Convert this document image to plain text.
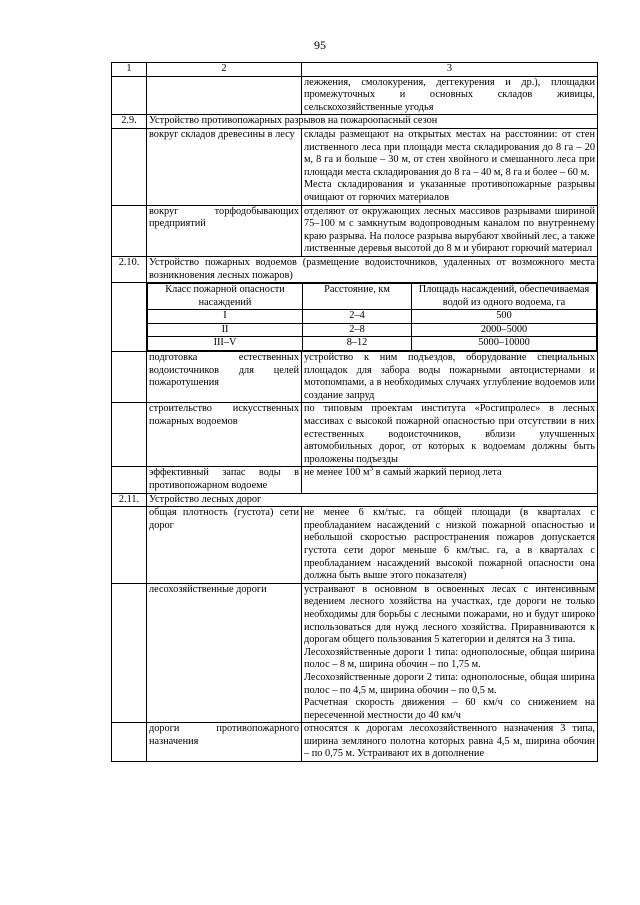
95
1	2	3
		лежжения, смолокурения, деггекурения и др.), площадки промежуточных и основных складов живицы, сельскохозяйственные угодья
2.9.	Устройство противопожарных разрывов на пожароопасный сезон
	вокруг складов древесины в лесу	склады размещают на открытых местах на расстоянии: от стен лиственного леса при площади места складирования до 8 га – 20 м, 8 га и больше – 30 м, от стен хвойного и смешанного леса при площади места складирования до 8 га – 40 м, 8 га и более – 60 м.
Места складирования и указанные противопожарные разрывы очищают от горючих материалов

	вокруг торфодобывающих предприятий	отделяют от окружающих лесных массивов разрывами шириной 75–100 м с замкнутым водопроводным каналом по внутреннему краю разрыва. На полосе разрыва вырубают хвойный лес, а также лиственные деревья высотой до 8 м и убирают горючий материал
2.10.	Устройство пожарных водоемов (размещение водоисточников, удаленных от возможного места возникновения лесных пожаров)

Класс пожарной опасности насаждений	Расстояние, км	Площадь насаждений, обеспечиваемая водой из одного водоема, га
I	2–4	500
II	2–8	2000–5000
III–V	8–12	5000–10000

	подготовка естественных водоисточников для целей пожаротушения	устройство к ним подъездов, оборудование специальных площадок для забора воды пожарными автоцистернами и мотопомпами, а в необходимых случаях углубление водоемов или создание запруд
	строительство искусственных пожарных водоемов	по типовым проектам института «Росгипролес» в лесных массивах с высокой пожарной опасностью при отсутствии в них естественных водоисточников, вблизи улучшенных автомобильных дорог, от которых к водоемам должны быть проложены подъезды
	эффективный запас воды в противопожарном водоеме	не менее 100 $м^3$ в самый жаркий период лета
2.11.	Устройство лесных дорог
	общая плотность (густота) сети дорог	не менее 6 км/тыс. га общей площади (в кварталах с преобладанием насаждений с низкой пожарной опасностью и небольшой скоростью распространения пожаров допускается густота сети дорог меньше 6 км/тыс. га, а в кварталах с преобладанием насаждений высокой пожарной опасности она должна быть выше этого показателя)
	лесохозяйственные дороги	устраивают в основном в освоенных лесах с интенсивным ведением лесного хозяйства на участках, где дороги не только необходимы для борьбы с лесными пожарами, но и будут широко использоваться для нужд лесного хозяйства. Приравниваются к дорогам общего пользования 5 категории и делятся на 3 типа.
Лесохозяйственные дороги 1 типа: однополосные, общая ширина полос – 8 м, ширина обочин – по 1,75 м.
Лесохозяйственные дороги 2 типа: однополосные, общая ширина полос – по 4,5 м, ширина обочин – по 0,5 м.
Расчетная скорость движения – 60 км/ч со снижением на пересеченной местности до 40 км/ч

	дороги противопожарного назначения	относятся к дорогам лесохозяйственного назначения 3 типа, ширина земляного полотна которых равна 4,5 м, ширина обочин – по 0,75 м. Устраивают их в дополнение
